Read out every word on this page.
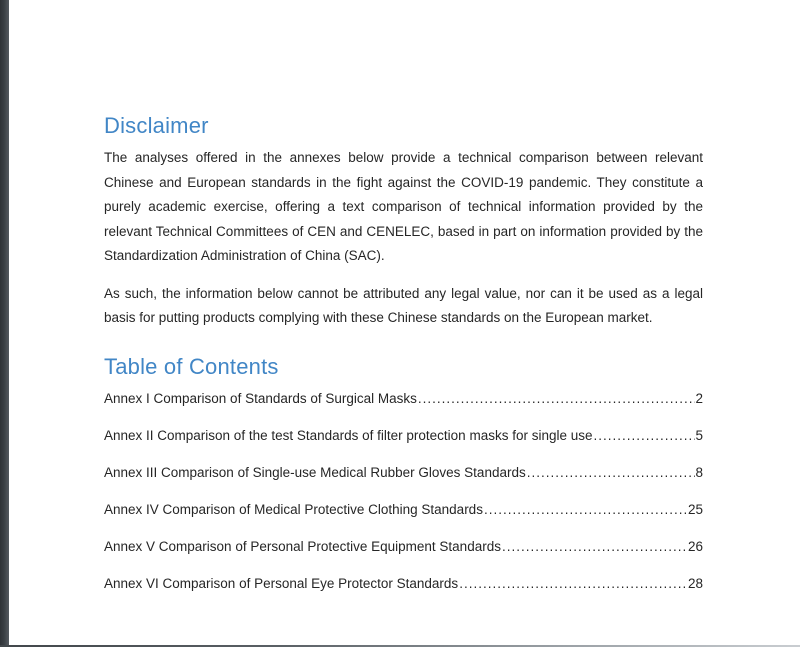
Disclaimer

The analyses offered in the annexes below provide a technical comparison between relevant Chinese and European standards in the fight against the COVID-19 pandemic. They constitute a purely academic exercise, offering a text comparison of technical information provided by the relevant Technical Committees of CEN and CENELEC, based in part on information provided by the Standardization Administration of China (SAC).

As such, the information below cannot be attributed any legal value, nor can it be used as a legal basis for putting products complying with these Chinese standards on the European market.

Table of Contents
Annex I Comparison of Standards of Surgical Masks .....	2
Annex II Comparison of the test Standards of filter protection masks for single use .....	5
Annex III Comparison of Single-use Medical Rubber Gloves Standards .....	8
Annex IV Comparison of Medical Protective Clothing Standards .....	25
Annex V Comparison of Personal Protective Equipment Standards .....	26
Annex VI Comparison of Personal Eye Protector Standards .....	28
